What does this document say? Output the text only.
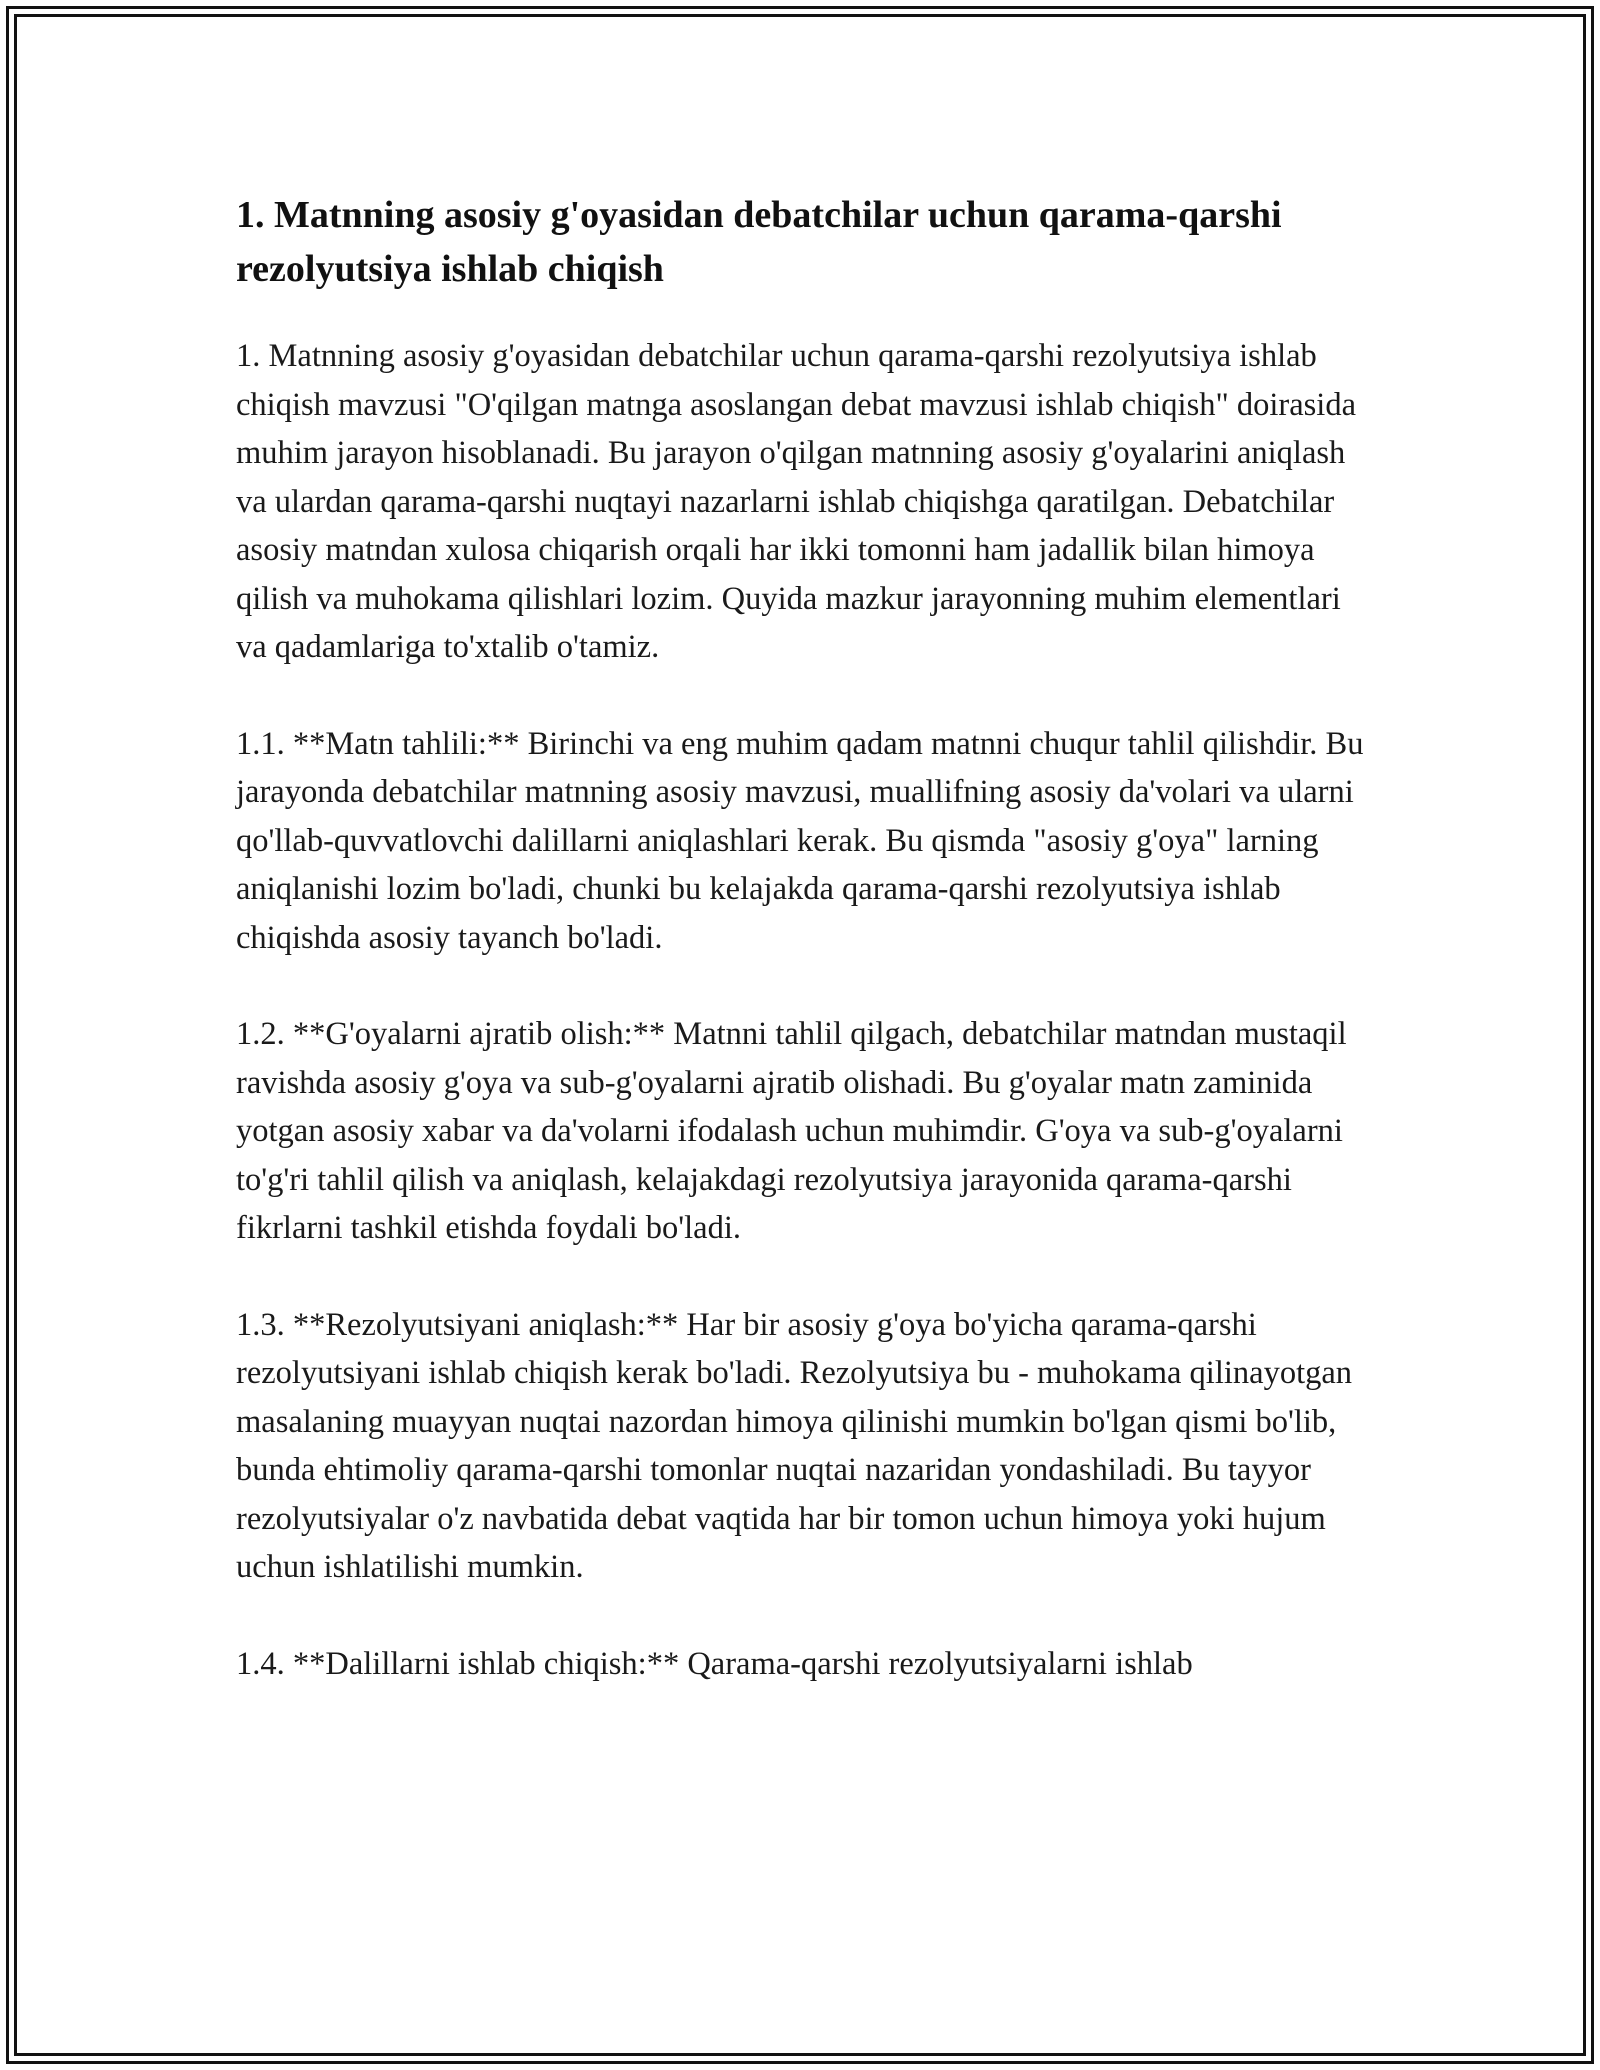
1. Matnning asosiy g'oyasidan debatchilar uchun qarama-qarshi rezolyutsiya ishlab chiqish

1. Matnning asosiy g'oyasidan debatchilar uchun qarama-qarshi rezolyutsiya ishlab chiqish mavzusi "O'qilgan matnga asoslangan debat mavzusi ishlab chiqish" doirasida muhim jarayon hisoblanadi. Bu jarayon o'qilgan matnning asosiy g'oyalarini aniqlash va ulardan qarama-qarshi nuqtayi nazarlarni ishlab chiqishga qaratilgan. Debatchilar asosiy matndan xulosa chiqarish orqali har ikki tomonni ham jadallik bilan himoya qilish va muhokama qilishlari lozim. Quyida mazkur jarayonning muhim elementlari va qadamlariga to'xtalib o'tamiz.

1.1. **Matn tahlili:** Birinchi va eng muhim qadam matnni chuqur tahlil qilishdir. Bu jarayonda debatchilar matnning asosiy mavzusi, muallifning asosiy da'volari va ularni qo'llab-quvvatlovchi dalillarni aniqlashlari kerak. Bu qismda "asosiy g'oya" larning aniqlanishi lozim bo'ladi, chunki bu kelajakda qarama-qarshi rezolyutsiya ishlab chiqishda asosiy tayanch bo'ladi.

1.2. **G'oyalarni ajratib olish:** Matnni tahlil qilgach, debatchilar matndan mustaqil ravishda asosiy g'oya va sub-g'oyalarni ajratib olishadi. Bu g'oyalar matn zaminida yotgan asosiy xabar va da'volarni ifodalash uchun muhimdir. G'oya va sub-g'oyalarni to'g'ri tahlil qilish va aniqlash, kelajakdagi rezolyutsiya jarayonida qarama-qarshi fikrlarni tashkil etishda foydali bo'ladi.

1.3. **Rezolyutsiyani aniqlash:** Har bir asosiy g'oya bo'yicha qarama-qarshi rezolyutsiyani ishlab chiqish kerak bo'ladi. Rezolyutsiya bu - muhokama qilinayotgan masalaning muayyan nuqtai nazordan himoya qilinishi mumkin bo'lgan qismi bo'lib, bunda ehtimoliy qarama-qarshi tomonlar nuqtai nazaridan yondashiladi. Bu tayyor rezolyutsiyalar o'z navbatida debat vaqtida har bir tomon uchun himoya yoki hujum uchun ishlatilishi mumkin.

1.4. **Dalillarni ishlab chiqish:** Qarama-qarshi rezolyutsiyalarni ishlab
